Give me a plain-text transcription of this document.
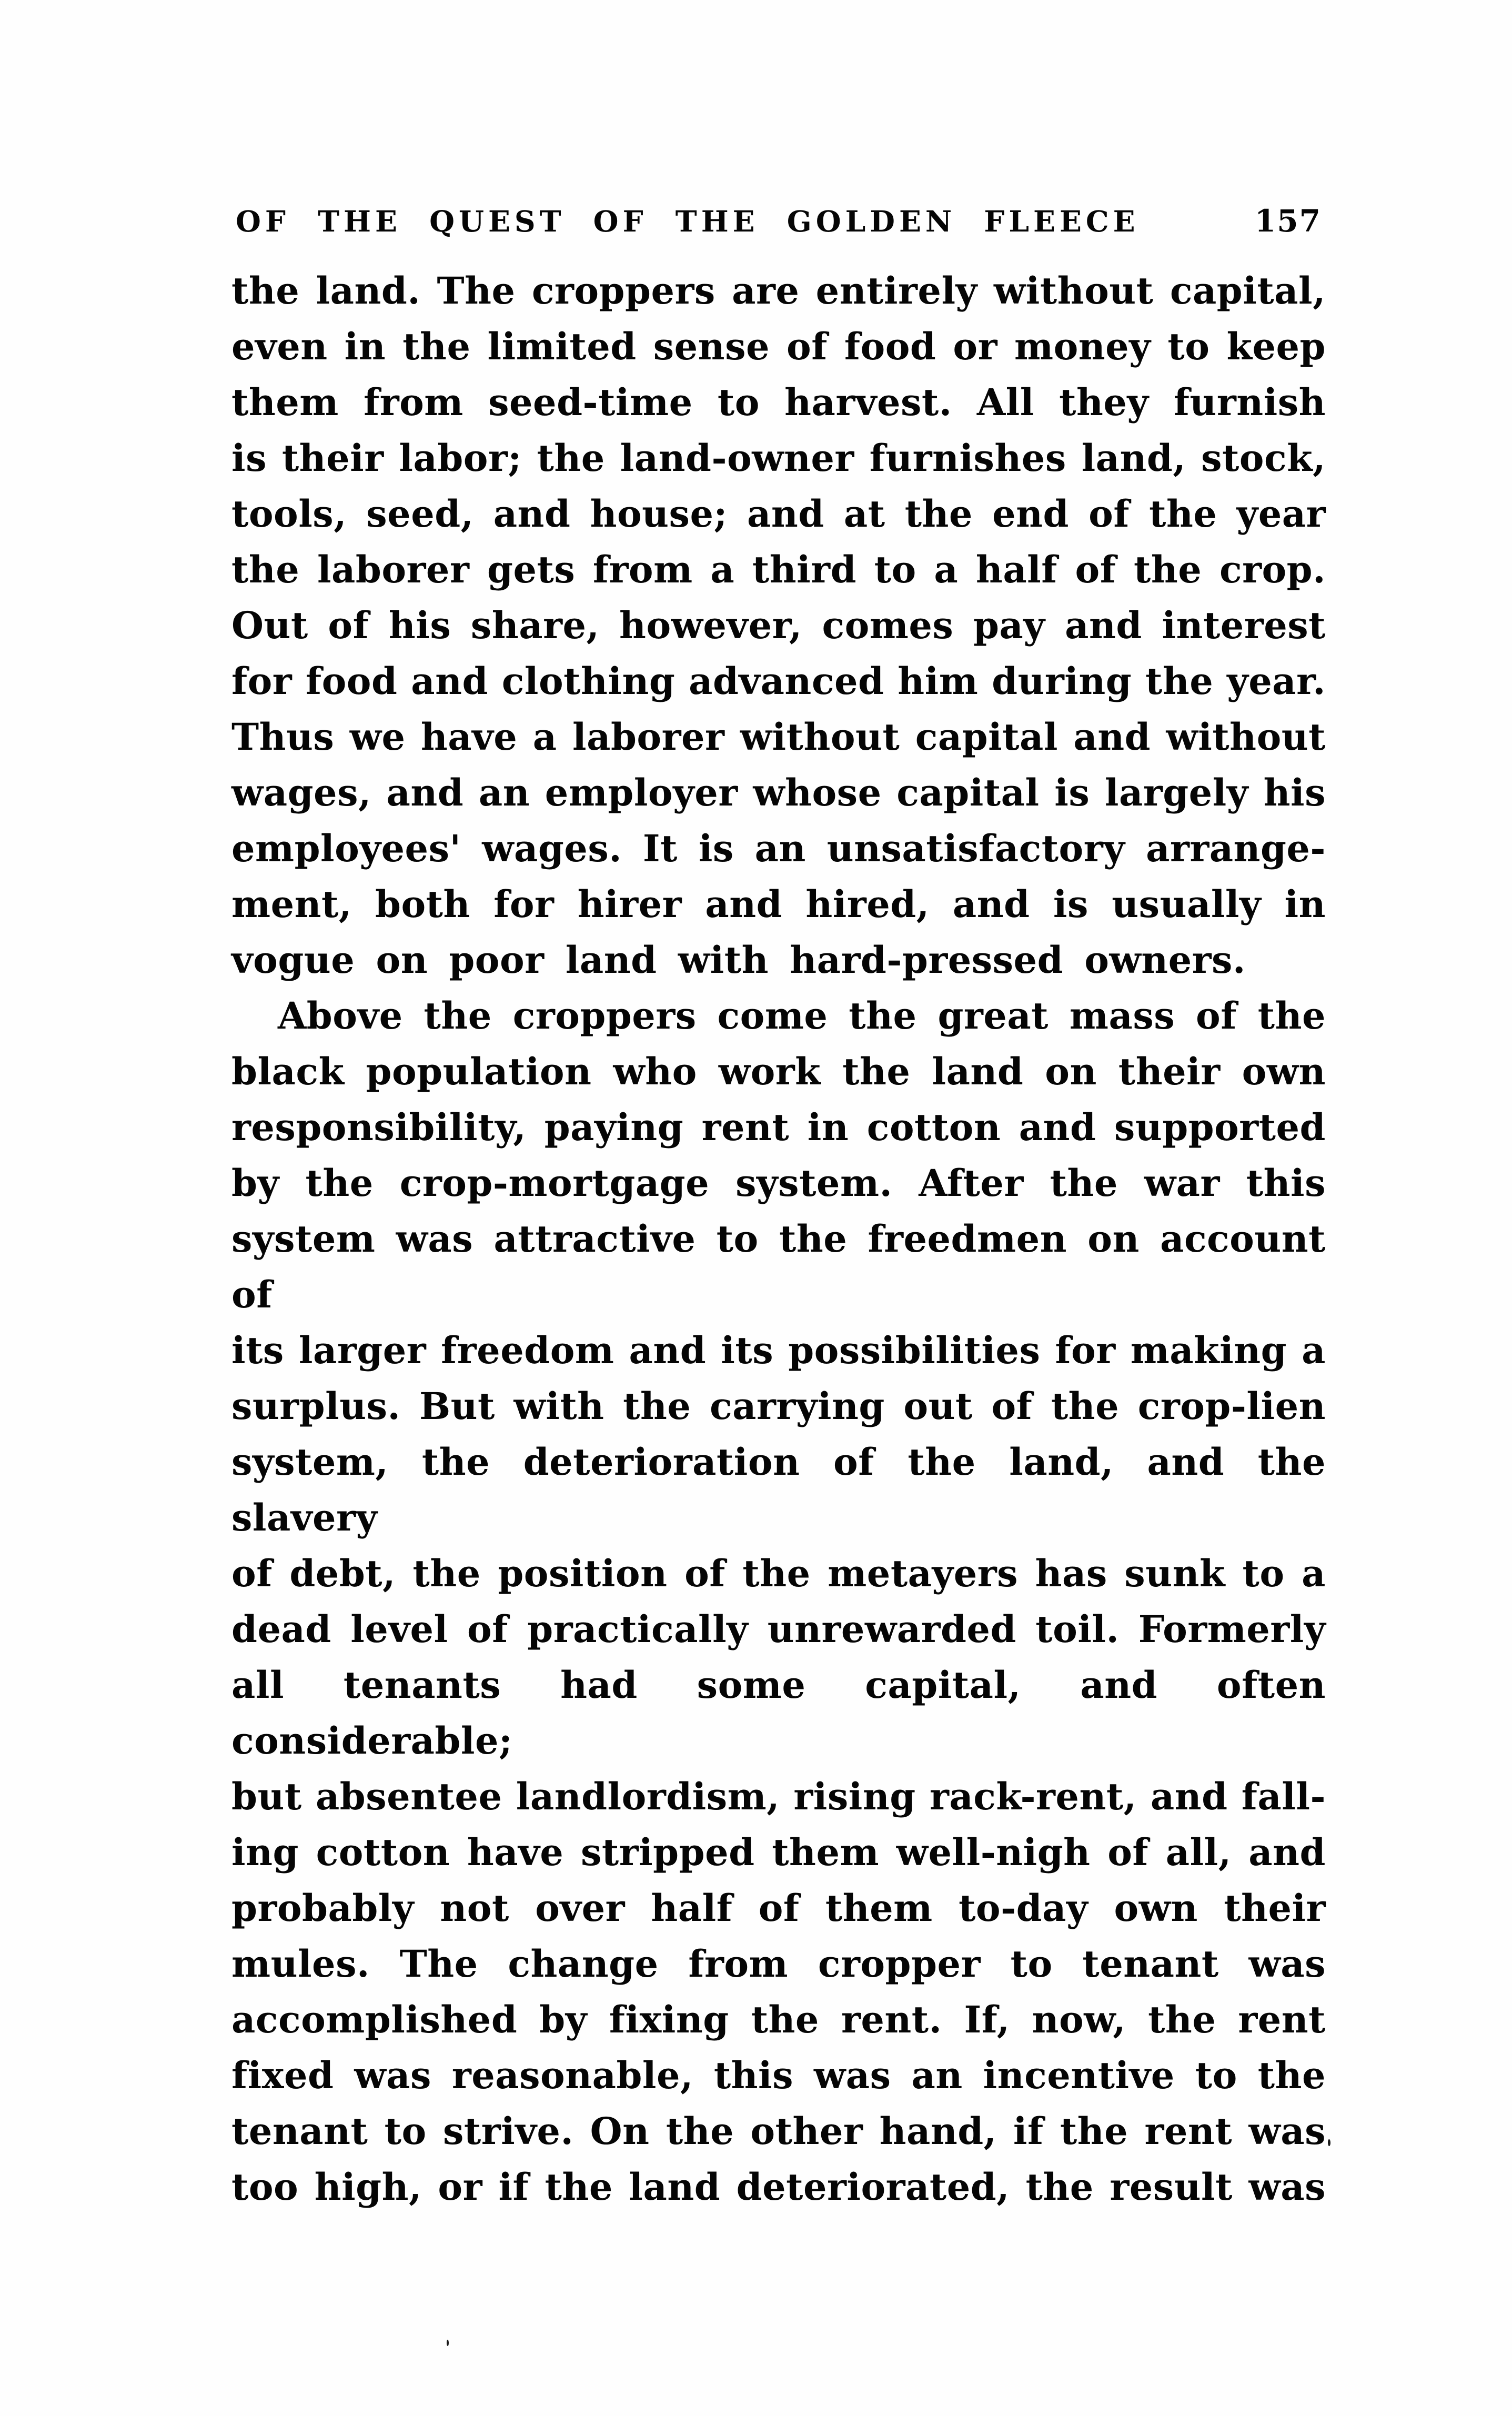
OF THE QUEST OF THE GOLDEN FLEECE	157
the land. The croppers are entirely without capital,
even in the limited sense of food or money to keep
them from seed-time to harvest. All they furnish
is their labor; the land-owner furnishes land, stock,
tools, seed, and house; and at the end of the year
the laborer gets from a third to a half of the crop.
Out of his share, however, comes pay and interest
for food and clothing advanced him during the year.
Thus we have a laborer without capital and without
wages, and an employer whose capital is largely his
employees' wages. It is an unsatisfactory arrange-
ment, both for hirer and hired, and is usually in
vogue on poor land with hard-pressed owners.
Above the croppers come the great mass of the
black population who work the land on their own
responsibility, paying rent in cotton and supported
by the crop-mortgage system. After the war this
system was attractive to the freedmen on account of
its larger freedom and its possibilities for making a
surplus. But with the carrying out of the crop-lien
system, the deterioration of the land, and the slavery
of debt, the position of the metayers has sunk to a
dead level of practically unrewarded toil. Formerly
all tenants had some capital, and often considerable;
but absentee landlordism, rising rack-rent, and fall-
ing cotton have stripped them well-nigh of all, and
probably not over half of them to-day own their
mules. The change from cropper to tenant was
accomplished by fixing the rent. If, now, the rent
fixed was reasonable, this was an incentive to the
tenant to strive. On the other hand, if the rent was
too high, or if the land deteriorated, the result was
